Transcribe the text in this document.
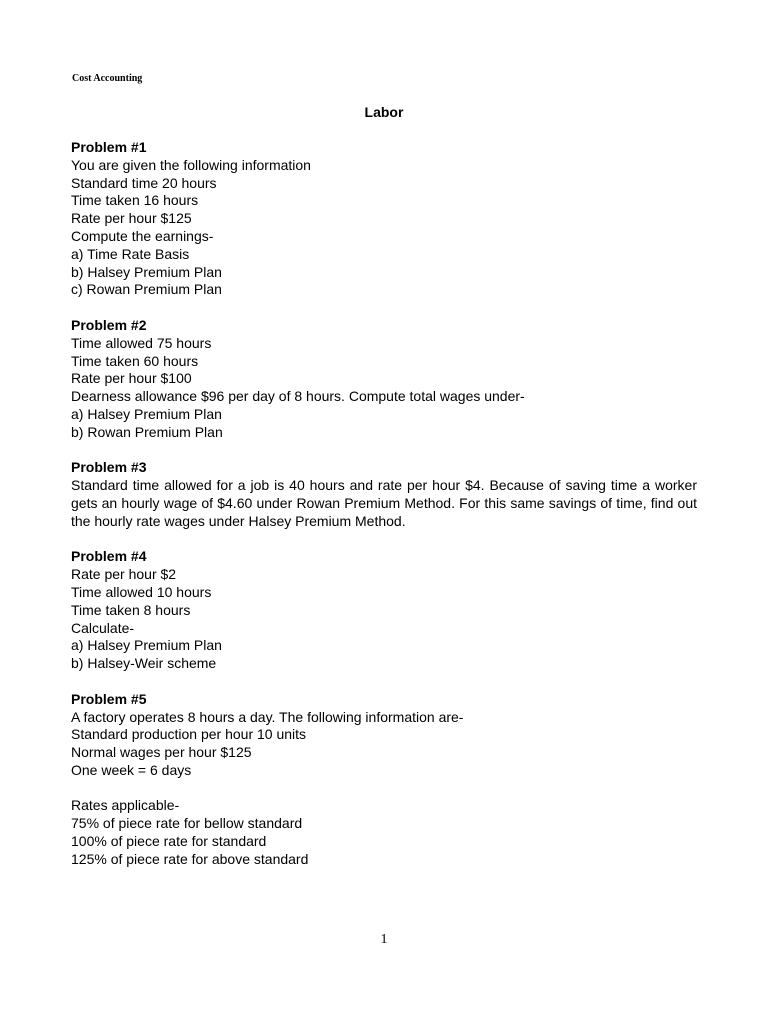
Cost Accounting
Labor
Problem #1
You are given the following information
Standard time 20 hours
Time taken 16 hours
Rate per hour $125
Compute the earnings-
a) Time Rate Basis
b) Halsey Premium Plan
c) Rowan Premium Plan
Problem #2
Time allowed 75 hours
Time taken 60 hours
Rate per hour $100
Dearness allowance $96 per day of 8 hours. Compute total wages under-
a) Halsey Premium Plan
b) Rowan Premium Plan
Problem #3
Standard time allowed for a job is 40 hours and rate per hour $4. Because of saving time a worker gets an hourly wage of $4.60 under Rowan Premium Method. For this same savings of time, find out the hourly rate wages under Halsey Premium Method.
Problem #4
Rate per hour $2
Time allowed 10 hours
Time taken 8 hours
Calculate-
a) Halsey Premium Plan
b) Halsey-Weir scheme
Problem #5
A factory operates 8 hours a day. The following information are-
Standard production per hour 10 units
Normal wages per hour $125
One week = 6 days
Rates applicable-
75% of piece rate for bellow standard
100% of piece rate for standard
125% of piece rate for above standard
1
